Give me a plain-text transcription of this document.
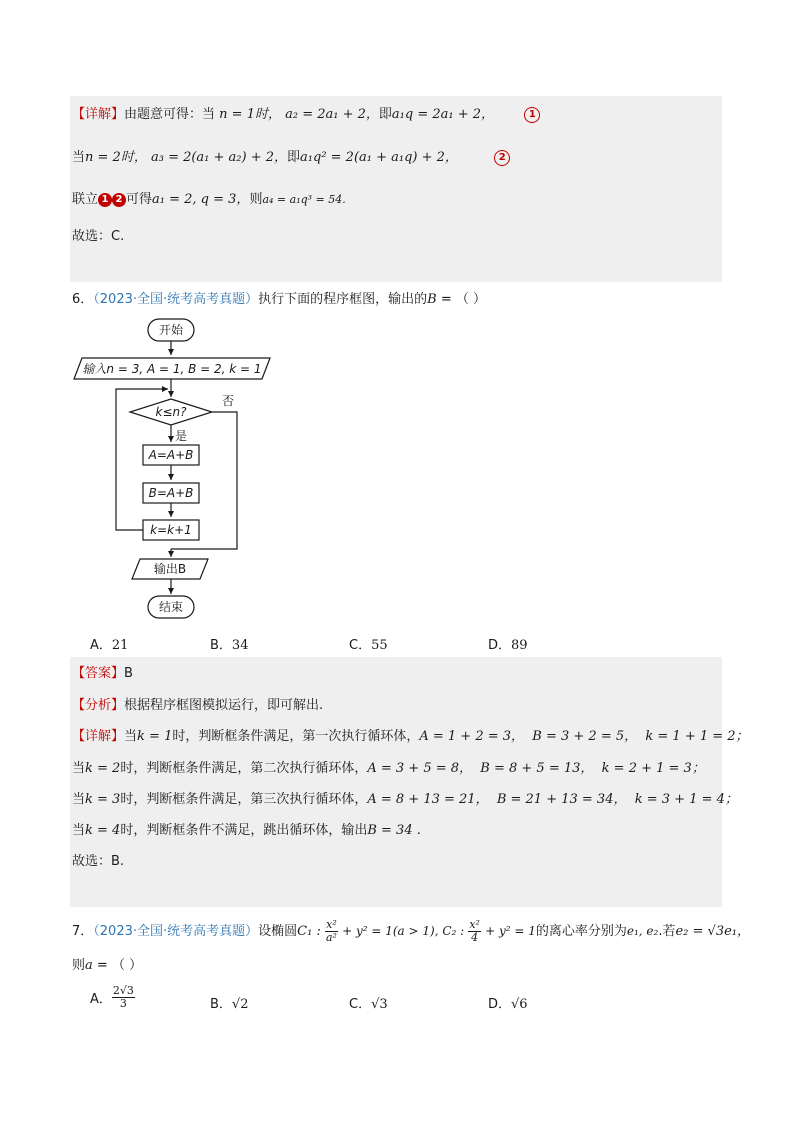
【详解】由题意可得：当 n = 1时， a₂ = 2a₁ + 2，即a₁q = 2a₁ + 2，	1
当n = 2时， a₃ = 2(a₁ + a₂) + 2，即a₁q² = 2(a₁ + a₁q) + 2，	2
联立 1 2 可得a₁ = 2, q = 3，则a₄ = a₁q³ = 54.
故选：C.
6．（2023·全国·统考高考真题）执行下面的程序框图，输出的B = （ ）
开始
输入n = 3, A = 1, B = 2, k = 1
k≤n?
否
是
A=A+B
B=A+B
k=k+1
输出B
结束
A．21	B．34	C．55	D．89
【答案】B
【分析】根据程序框图模拟运行，即可解出.
【详解】当k = 1时，判断框条件满足，第一次执行循环体，A = 1 + 2 = 3，  B = 3 + 2 = 5，  k = 1 + 1 = 2；
当k = 2时，判断框条件满足，第二次执行循环体，A = 3 + 5 = 8，  B = 8 + 5 = 13，  k = 2 + 1 = 3；
当k = 3时，判断框条件满足，第三次执行循环体，A = 8 + 13 = 21，  B = 21 + 13 = 34，  k = 3 + 1 = 4；
当k = 4时，判断框条件不满足，跳出循环体，输出B = 34 .
故选：B.
7．（2023·全国·统考高考真题）设椭圆C₁ : $\frac{\text{x²}}{\text{a²}} + y^2 = 1(a > 1)$, C₂ : $\frac{\text{x²}}{4} + y^2 = 1$的离心率分别为e₁, e₂.若e₂ = √3e₁，
则a = （ ）
A． $\frac{2√3}{3}$	B．√2	C．√3	D．√6
